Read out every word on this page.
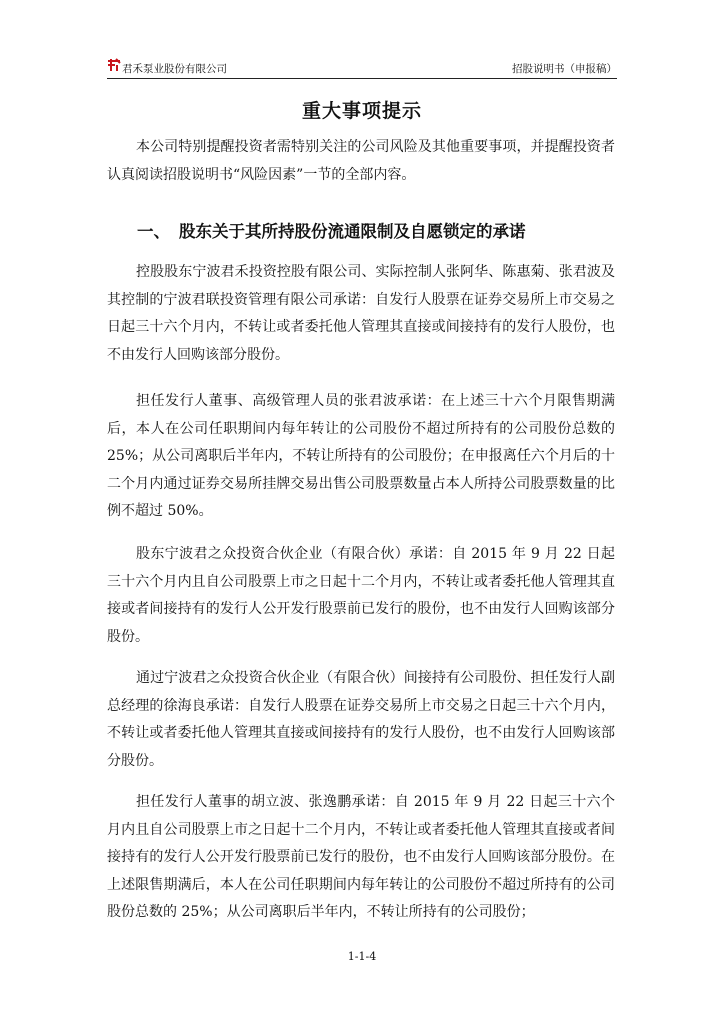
君禾泵业股份有限公司	招股说明书（申报稿）
重大事项提示

本公司特别提醒投资者需特别关注的公司风险及其他重要事项，并提醒投资者认真阅读招股说明书“风险因素”一节的全部内容。

一、 股东关于其所持股份流通限制及自愿锁定的承诺

控股股东宁波君禾投资控股有限公司、实际控制人张阿华、陈惠菊、张君波及其控制的宁波君联投资管理有限公司承诺：自发行人股票在证券交易所上市交易之日起三十六个月内，不转让或者委托他人管理其直接或间接持有的发行人股份，也不由发行人回购该部分股份。

担任发行人董事、高级管理人员的张君波承诺：在上述三十六个月限售期满后，本人在公司任职期间内每年转让的公司股份不超过所持有的公司股份总数的25%；从公司离职后半年内，不转让所持有的公司股份；在申报离任六个月后的十二个月内通过证券交易所挂牌交易出售公司股票数量占本人所持公司股票数量的比例不超过 50%。

股东宁波君之众投资合伙企业（有限合伙）承诺：自 2015 年 9 月 22 日起三十六个月内且自公司股票上市之日起十二个月内，不转让或者委托他人管理其直接或者间接持有的发行人公开发行股票前已发行的股份，也不由发行人回购该部分股份。

通过宁波君之众投资合伙企业（有限合伙）间接持有公司股份、担任发行人副总经理的徐海良承诺：自发行人股票在证券交易所上市交易之日起三十六个月内，不转让或者委托他人管理其直接或间接持有的发行人股份，也不由发行人回购该部分股份。

担任发行人董事的胡立波、张逸鹏承诺：自 2015 年 9 月 22 日起三十六个月内且自公司股票上市之日起十二个月内，不转让或者委托他人管理其直接或者间接持有的发行人公开发行股票前已发行的股份，也不由发行人回购该部分股份。在上述限售期满后，本人在公司任职期间内每年转让的公司股份不超过所持有的公司股份总数的 25%；从公司离职后半年内，不转让所持有的公司股份；

1-1-4
